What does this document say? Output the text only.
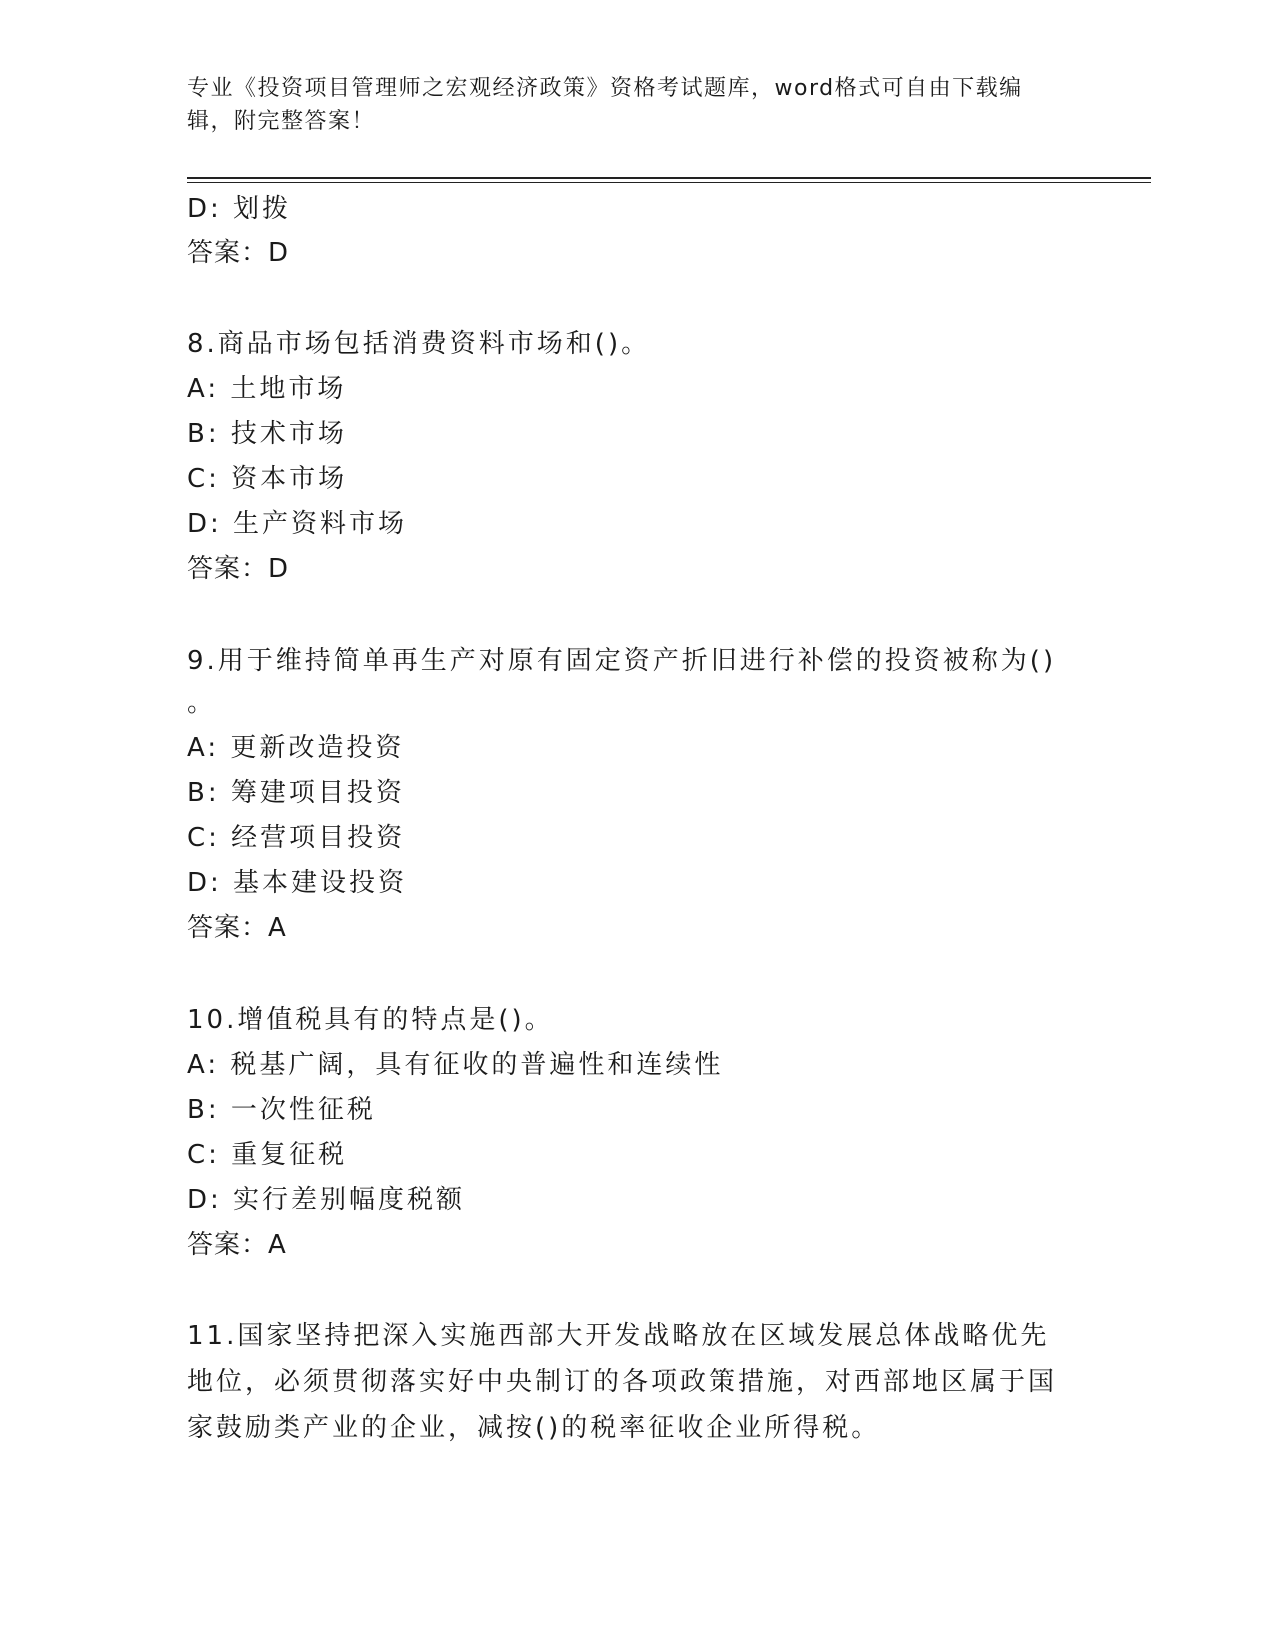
专业《投资项目管理师之宏观经济政策》资格考试题库，word格式可自由下载编辑，附完整答案！
D: 划拨
答案：D
8.商品市场包括消费资料市场和()。
A: 土地市场
B: 技术市场
C: 资本市场
D: 生产资料市场
答案：D
9.用于维持简单再生产对原有固定资产折旧进行补偿的投资被称为()
。
A: 更新改造投资
B: 筹建项目投资
C: 经营项目投资
D: 基本建设投资
答案：A
10.增值税具有的特点是()。
A: 税基广阔，具有征收的普遍性和连续性
B: 一次性征税
C: 重复征税
D: 实行差别幅度税额
答案：A
11.国家坚持把深入实施西部大开发战略放在区域发展总体战略优先地位，必须贯彻落实好中央制订的各项政策措施，对西部地区属于国家鼓励类产业的企业，减按()的税率征收企业所得税。
